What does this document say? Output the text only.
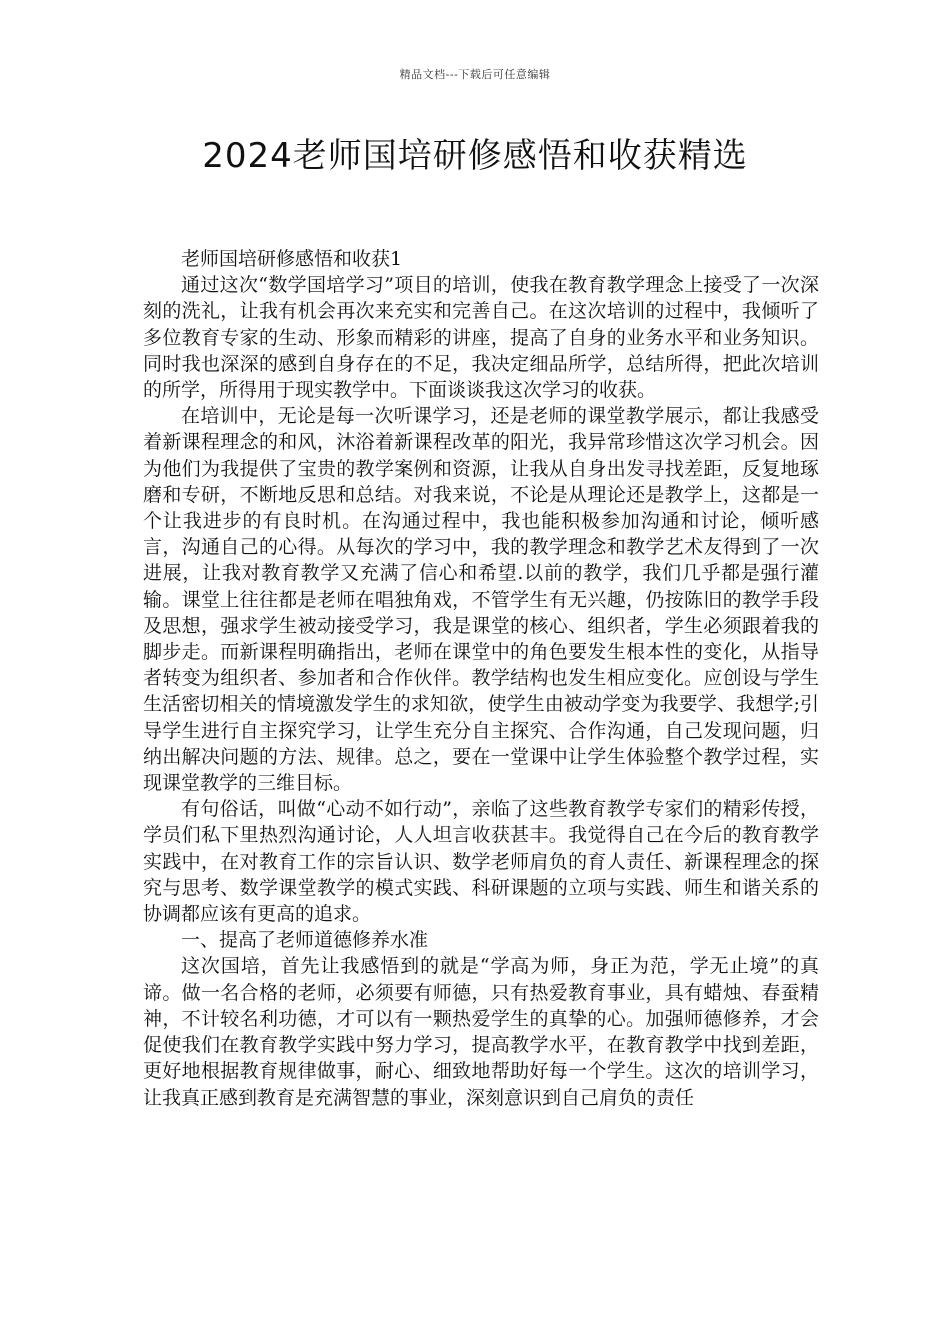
精品文档---下载后可任意编辑
2024老师国培研修感悟和收获精选

老师国培研修感悟和收获1

通过这次“数学国培学习”项目的培训，使我在教育教学理念上接受了一次深刻的洗礼，让我有机会再次来充实和完善自己。在这次培训的过程中，我倾听了多位教育专家的生动、形象而精彩的讲座，提高了自身的业务水平和业务知识。同时我也深深的感到自身存在的不足，我决定细品所学，总结所得，把此次培训的所学，所得用于现实教学中。下面谈谈我这次学习的收获。

在培训中，无论是每一次听课学习，还是老师的课堂教学展示，都让我感受着新课程理念的和风，沐浴着新课程改革的阳光，我异常珍惜这次学习机会。因为他们为我提供了宝贵的教学案例和资源，让我从自身出发寻找差距，反复地琢磨和专研，不断地反思和总结。对我来说，不论是从理论还是教学上，这都是一个让我进步的有良时机。在沟通过程中，我也能积极参加沟通和讨论，倾听感言，沟通自己的心得。从每次的学习中，我的教学理念和教学艺术友得到了一次进展，让我对教育教学又充满了信心和希望.以前的教学，我们几乎都是强行灌输。课堂上往往都是老师在唱独角戏，不管学生有无兴趣，仍按陈旧的教学手段及思想，强求学生被动接受学习，我是课堂的核心、组织者，学生必须跟着我的脚步走。而新课程明确指出，老师在课堂中的角色要发生根本性的变化，从指导者转变为组织者、参加者和合作伙伴。教学结构也发生相应变化。应创设与学生生活密切相关的情境激发学生的求知欲，使学生由被动学变为我要学、我想学;引导学生进行自主探究学习，让学生充分自主探究、合作沟通，自己发现问题，归纳出解决问题的方法、规律。总之，要在一堂课中让学生体验整个教学过程，实现课堂教学的三维目标。

有句俗话，叫做“心动不如行动”，亲临了这些教育教学专家们的精彩传授，学员们私下里热烈沟通讨论，人人坦言收获甚丰。我觉得自己在今后的教育教学实践中，在对教育工作的宗旨认识、数学老师肩负的育人责任、新课程理念的探究与思考、数学课堂教学的模式实践、科研课题的立项与实践、师生和谐关系的协调都应该有更高的追求。

一、提高了老师道德修养水准

这次国培，首先让我感悟到的就是“学高为师，身正为范，学无止境”的真谛。做一名合格的老师，必须要有师德，只有热爱教育事业，具有蜡烛、春蚕精神，不计较名利功德，才可以有一颗热爱学生的真挚的心。加强师德修养，才会促使我们在教育教学实践中努力学习，提高教学水平，在教育教学中找到差距，更好地根据教育规律做事，耐心、细致地帮助好每一个学生。这次的培训学习，让我真正感到教育是充满智慧的事业，深刻意识到自己肩负的责任
